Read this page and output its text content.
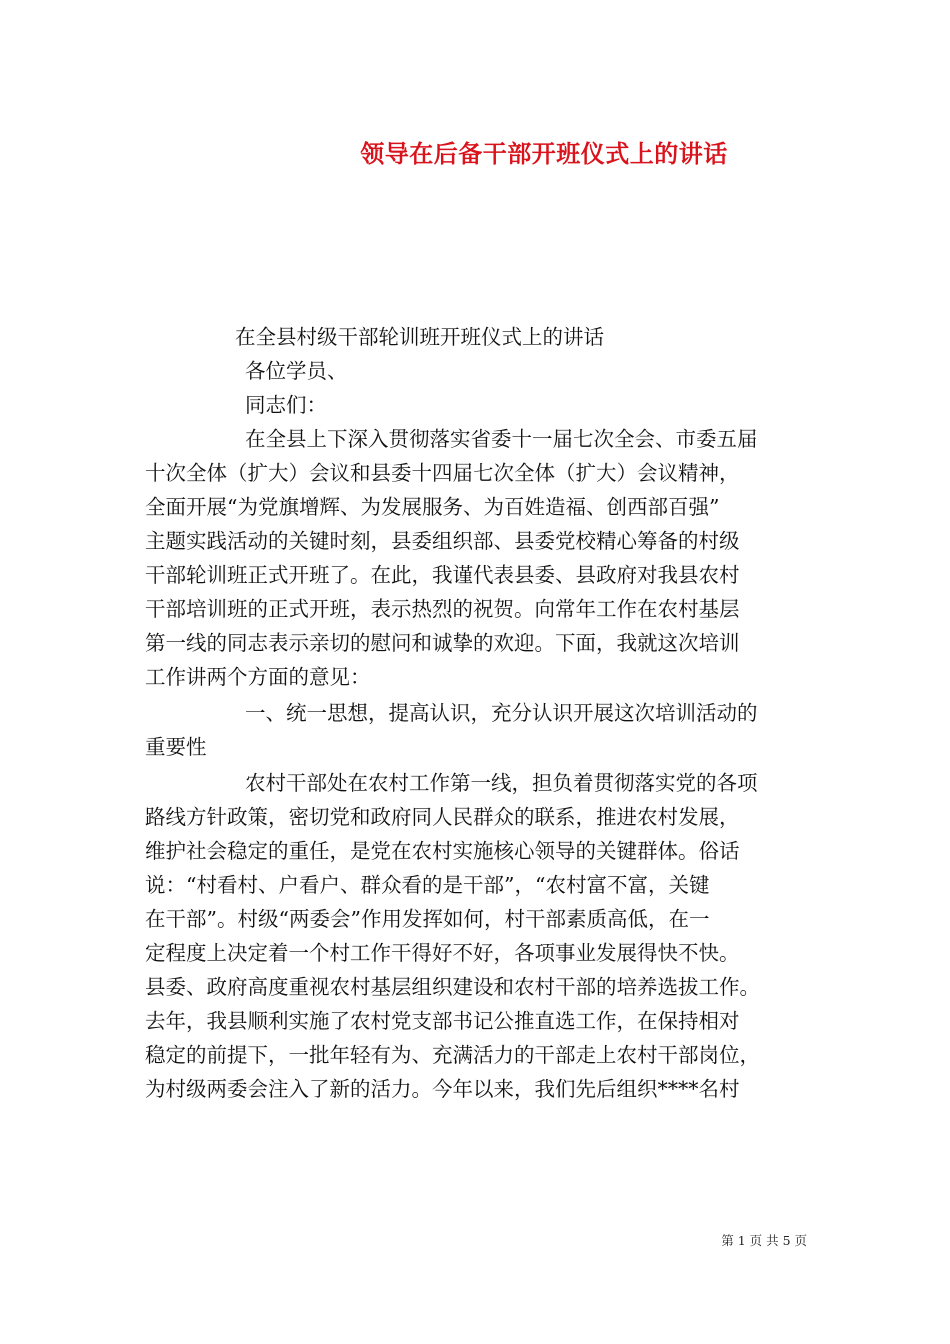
领导在后备干部开班仪式上的讲话

在全县村级干部轮训班开班仪式上的讲话

各位学员、

同志们：

在全县上下深入贯彻落实省委十一届七次全会、市委五届

十次全体（扩大）会议和县委十四届七次全体（扩大）会议精神，

全面开展“为党旗增辉、为发展服务、为百姓造福、创西部百强”

主题实践活动的关键时刻，县委组织部、县委党校精心筹备的村级

干部轮训班正式开班了。在此，我谨代表县委、县政府对我县农村

干部培训班的正式开班，表示热烈的祝贺。向常年工作在农村基层

第一线的同志表示亲切的慰问和诚挚的欢迎。下面，我就这次培训

工作讲两个方面的意见：

一、统一思想，提高认识，充分认识开展这次培训活动的

重要性

农村干部处在农村工作第一线，担负着贯彻落实党的各项

路线方针政策，密切党和政府同人民群众的联系，推进农村发展，

维护社会稳定的重任，是党在农村实施核心领导的关键群体。俗话

说：“村看村、户看户、群众看的是干部”，“农村富不富，关键

在干部”。村级“两委会”作用发挥如何，村干部素质高低，在一

定程度上决定着一个村工作干得好不好，各项事业发展得快不快。

县委、政府高度重视农村基层组织建设和农村干部的培养选拔工作。

去年，我县顺利实施了农村党支部书记公推直选工作，在保持相对

稳定的前提下，一批年轻有为、充满活力的干部走上农村干部岗位，

为村级两委会注入了新的活力。今年以来，我们先后组织****名村

第 1 页 共 5 页
